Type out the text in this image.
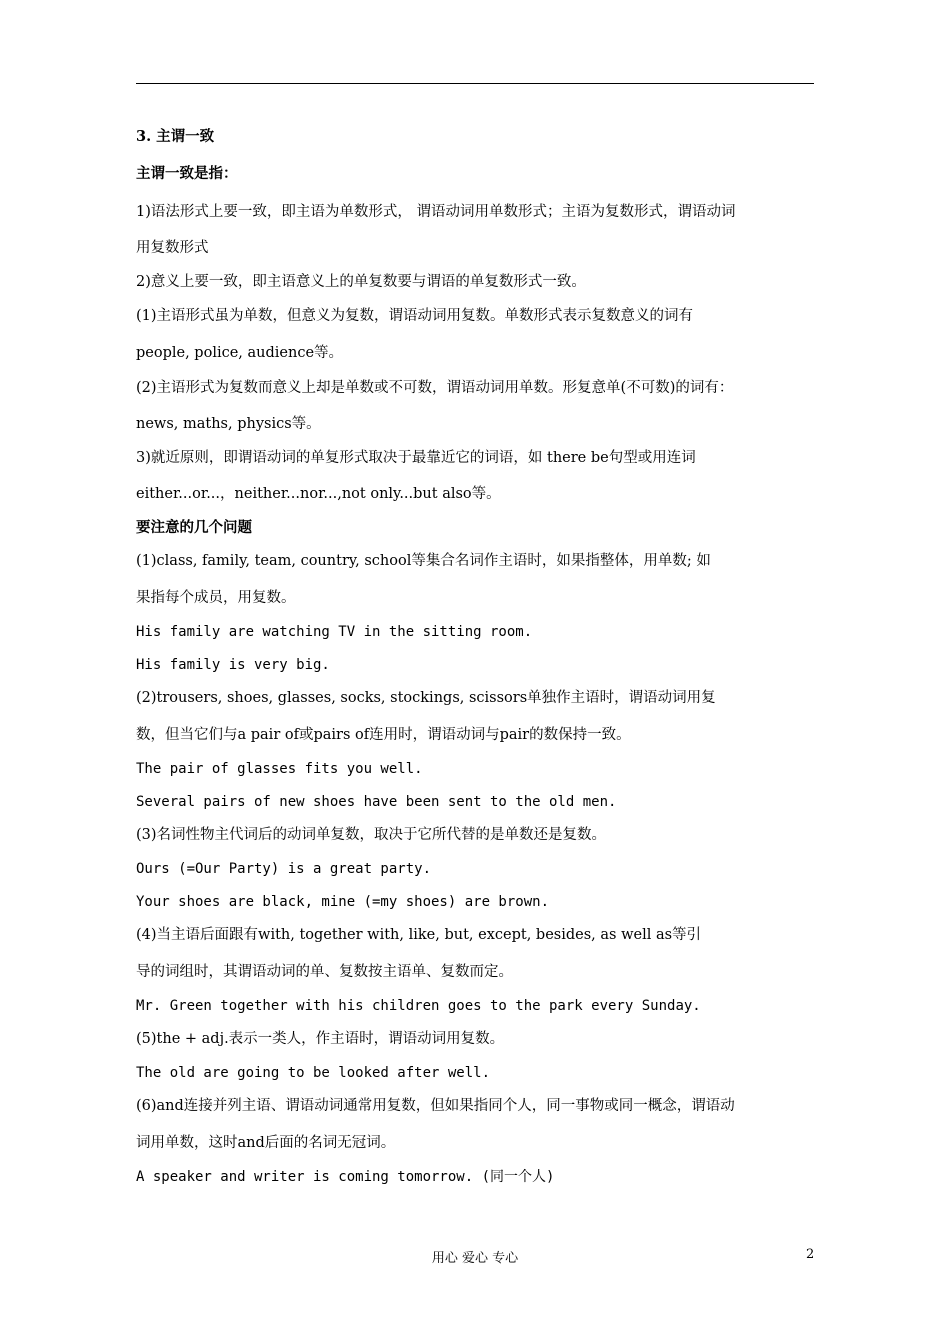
3. 主谓一致
主谓一致是指：
1)语法形式上要一致，即主语为单数形式， 谓语动词用单数形式；主语为复数形式，谓语动词
用复数形式
2)意义上要一致，即主语意义上的单复数要与谓语的单复数形式一致。
(1)主语形式虽为单数，但意义为复数，谓语动词用复数。单数形式表示复数意义的词有
people, police, audience等。
(2)主语形式为复数而意义上却是单数或不可数，谓语动词用单数。形复意单(不可数)的词有：
news, maths, physics等。
3)就近原则，即谓语动词的单复形式取决于最靠近它的词语，如 there be句型或用连词
either...or...，neither...nor...,not only...but also等。
要注意的几个问题
(1)class, family, team, country, school等集合名词作主语时，如果指整体，用单数; 如
果指每个成员，用复数。
His family are watching TV in the sitting room.
His family is very big.
(2)trousers, shoes, glasses, socks, stockings, scissors单独作主语时，谓语动词用复
数，但当它们与a pair of或pairs of连用时，谓语动词与pair的数保持一致。
The pair of glasses fits you well.
Several pairs of new shoes have been sent to the old men.
(3)名词性物主代词后的动词单复数，取决于它所代替的是单数还是复数。
Ours (=Our Party) is a great party.
Your shoes are black, mine (=my shoes) are brown.
(4)当主语后面跟有with, together with, like, but, except, besides, as well as等引
导的词组时，其谓语动词的单、复数按主语单、复数而定。
Mr. Green together with his children goes to the park every Sunday.
(5)the + adj.表示一类人，作主语时，谓语动词用复数。
The old are going to be looked after well.
(6)and连接并列主语、谓语动词通常用复数，但如果指同个人，同一事物或同一概念，谓语动
词用单数，这时and后面的名词无冠词。
A speaker and writer is coming tomorrow. (同一个人)
用心 爱心 专心	2
